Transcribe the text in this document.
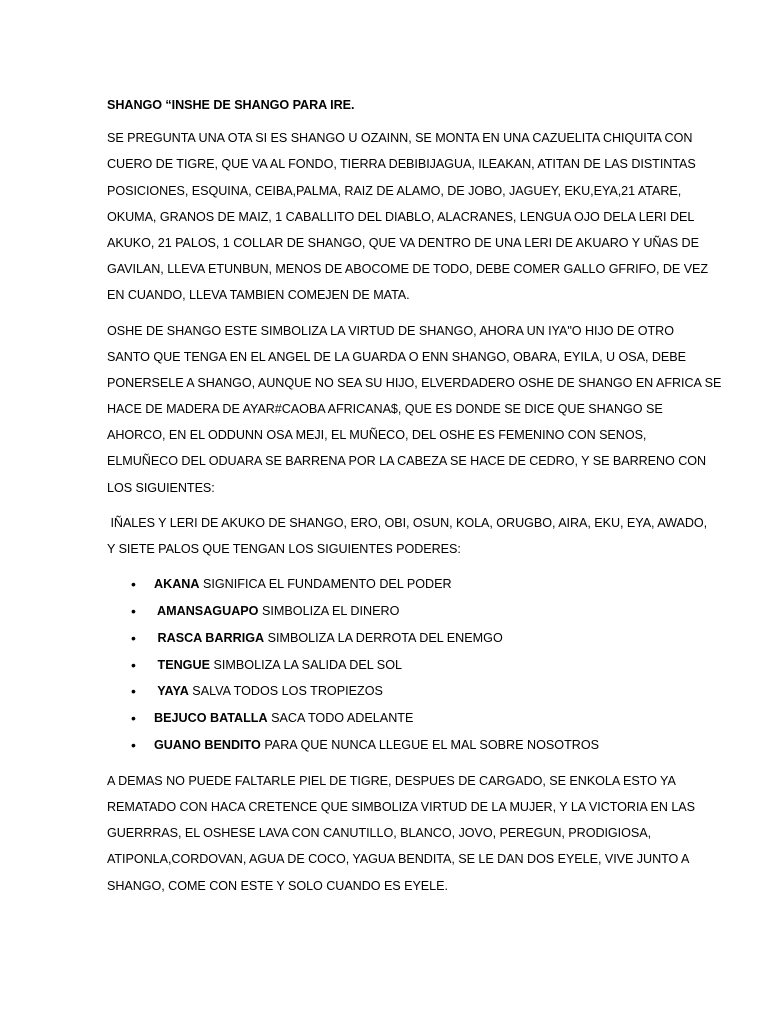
SHANGO “INSHE DE SHANGO PARA IRE.
SE PREGUNTA UNA OTA SI ES SHANGO U OZAINN, SE MONTA EN UNA CAZUELITA CHIQUITA CON
CUERO DE TIGRE, QUE VA AL FONDO, TIERRA DEBIBIJAGUA, ILEAKAN, ATITAN DE LAS DISTINTAS
POSICIONES, ESQUINA, CEIBA,PALMA, RAIZ DE ALAMO, DE JOBO, JAGUEY, EKU,EYA,21 ATARE,
OKUMA, GRANOS DE MAIZ, 1 CABALLITO DEL DIABLO, ALACRANES, LENGUA OJO DELA LERI DEL
AKUKO, 21 PALOS, 1 COLLAR DE SHANGO, QUE VA DENTRO DE UNA LERI DE AKUARO Y UÑAS DE
GAVILAN, LLEVA ETUNBUN, MENOS DE ABOCOME DE TODO, DEBE COMER GALLO GFRIFO, DE VEZ
EN CUANDO, LLEVA TAMBIEN COMEJEN DE MATA.
OSHE DE SHANGO ESTE SIMBOLIZA LA VIRTUD DE SHANGO, AHORA UN IYA"O HIJO DE OTRO
SANTO QUE TENGA EN EL ANGEL DE LA GUARDA O ENN SHANGO, OBARA, EYILA, U OSA, DEBE
PONERSELE A SHANGO, AUNQUE NO SEA SU HIJO, ELVERDADERO OSHE DE SHANGO EN AFRICA SE
HACE DE MADERA DE AYAR#CAOBA AFRICANA$, QUE ES DONDE SE DICE QUE SHANGO SE
AHORCO, EN EL ODDUNN OSA MEJI, EL MUÑECO, DEL OSHE ES FEMENINO CON SENOS,
ELMUÑECO DEL ODUARA SE BARRENA POR LA CABEZA SE HACE DE CEDRO, Y SE BARRENO CON
LOS SIGUIENTES:
IÑALES Y LERI DE AKUKO DE SHANGO, ERO, OBI, OSUN, KOLA, ORUGBO, AIRA, EKU, EYA, AWADO,
Y SIETE PALOS QUE TENGAN LOS SIGUIENTES PODERES:
• AKANA SIGNIFICA EL FUNDAMENTO DEL PODER
• AMANSAGUAPO SIMBOLIZA EL DINERO
• RASCA BARRIGA SIMBOLIZA LA DERROTA DEL ENEMGO
• TENGUE SIMBOLIZA LA SALIDA DEL SOL
• YAYA SALVA TODOS LOS TROPIEZOS
• BEJUCO BATALLA SACA TODO ADELANTE
• GUANO BENDITO PARA QUE NUNCA LLEGUE EL MAL SOBRE NOSOTROS
A DEMAS NO PUEDE FALTARLE PIEL DE TIGRE, DESPUES DE CARGADO, SE ENKOLA ESTO YA
REMATADO CON HACA CRETENCE QUE SIMBOLIZA VIRTUD DE LA MUJER, Y LA VICTORIA EN LAS
GUERRRAS, EL OSHESE LAVA CON CANUTILLO, BLANCO, JOVO, PEREGUN, PRODIGIOSA,
ATIPONLA,CORDOVAN, AGUA DE COCO, YAGUA BENDITA, SE LE DAN DOS EYELE, VIVE JUNTO A
SHANGO, COME CON ESTE Y SOLO CUANDO ES EYELE.
